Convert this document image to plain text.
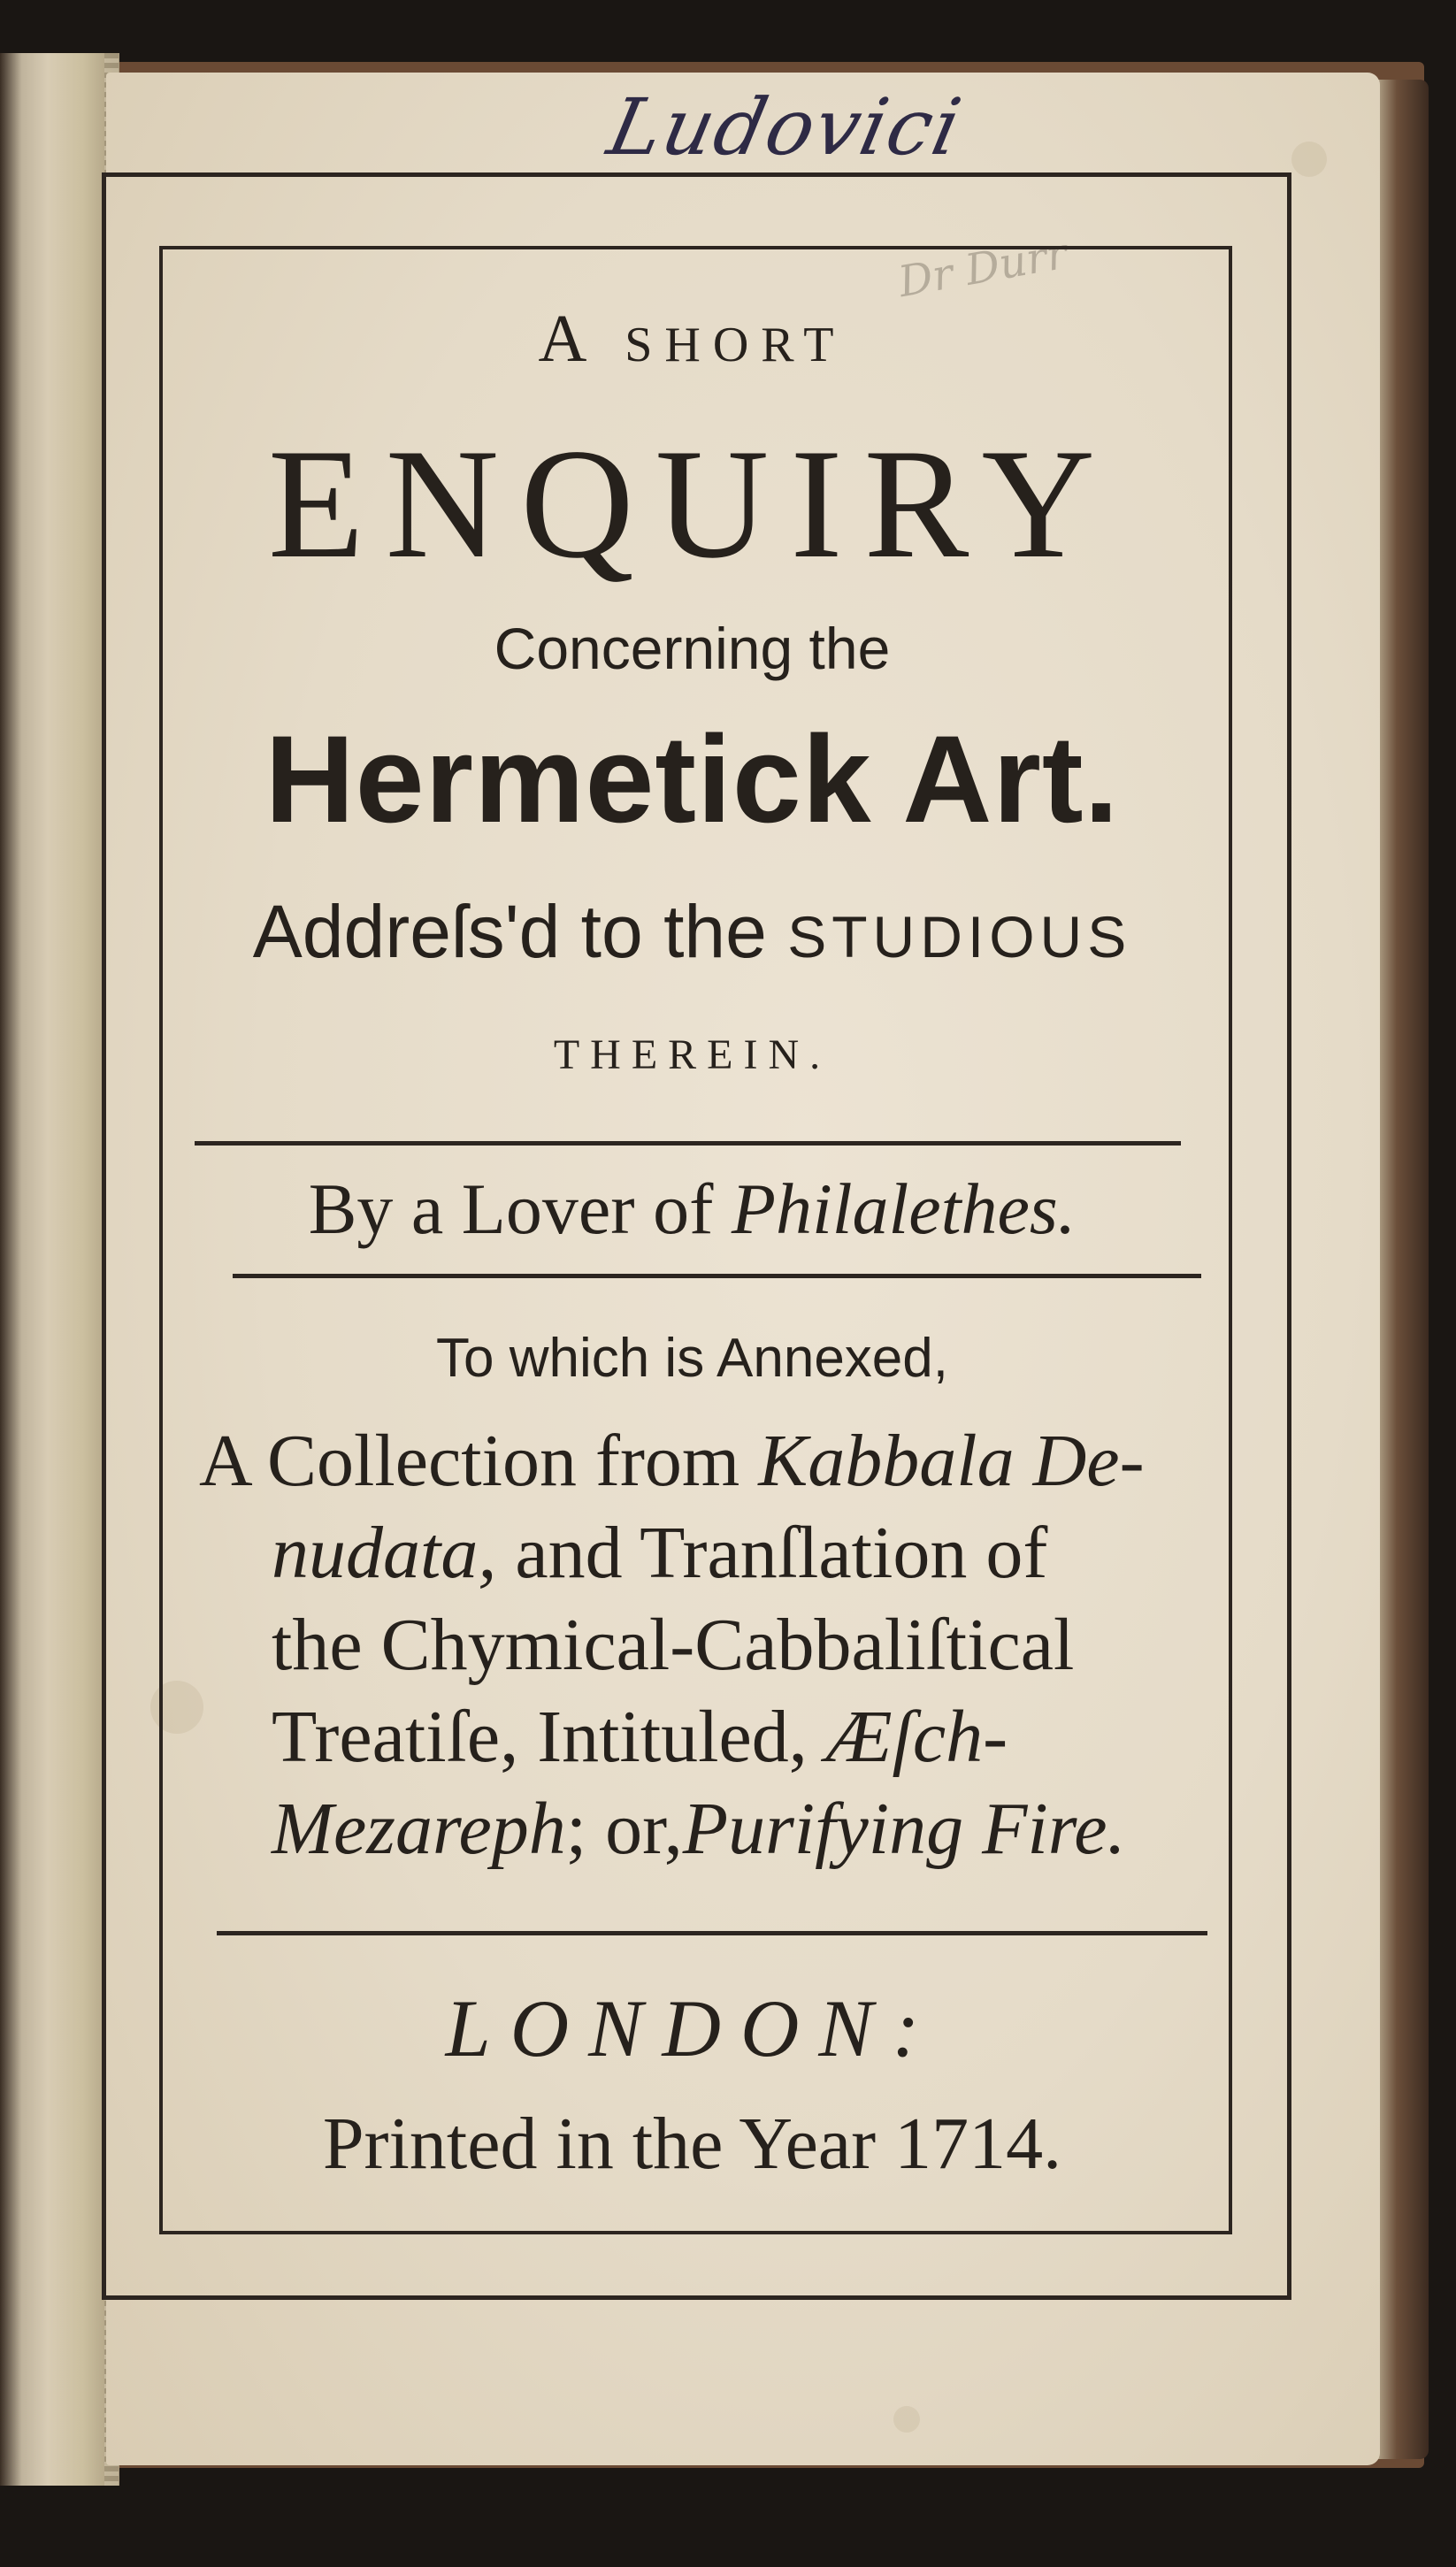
Ludovici
Dr Durr
A SHORT
ENQUIRY
Concerning the
Hermetick Art.
Addreſs'd to the STUDIOUS
THEREIN.
By a Lover of Philalethes.
To which is Annexed,
A Collection from Kabbala De-
nudata, and Tranſlation of
the Chymical-Cabbaliſtical
Treatiſe, Intituled, Æſch-
Mezareph; or,Purifying Fire.
LONDON:
Printed in the Year 1714.
